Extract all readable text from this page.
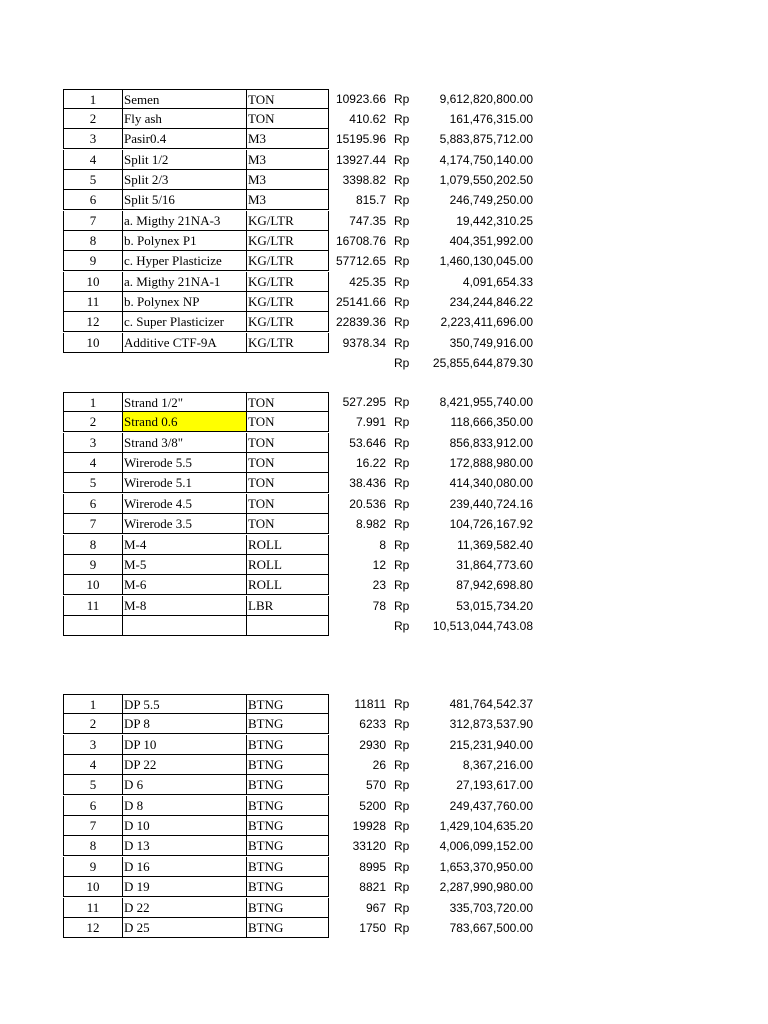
1	Semen	TON	10923.66 Rp	9,612,820,800.00
2	Fly ash	TON	410.62 Rp	161,476,315.00
3	Pasir0.4	M3	15195.96 Rp	5,883,875,712.00
4	Split 1/2	M3	13927.44 Rp	4,174,750,140.00
5	Split 2/3	M3	3398.82 Rp	1,079,550,202.50
6	Split 5/16	M3	815.7 Rp	246,749,250.00
7	a. Migthy 21NA-3	KG/LTR	747.35 Rp	19,442,310.25
8	b. Polynex P1	KG/LTR	16708.76 Rp	404,351,992.00
9	c. Hyper Plasticize	KG/LTR	57712.65 Rp	1,460,130,045.00
10	a. Migthy 21NA-1	KG/LTR	425.35 Rp	4,091,654.33
11	b. Polynex NP	KG/LTR	25141.66 Rp	234,244,846.22
12	c. Super Plasticizer	KG/LTR	22839.36 Rp	2,223,411,696.00
10	Additive CTF-9A	KG/LTR	9378.34 Rp	350,749,916.00
Rp	25,855,644,879.30
1	Strand 1/2"	TON	527.295 Rp	8,421,955,740.00
2	Strand 0.6	TON	7.991 Rp	118,666,350.00
3	Strand 3/8"	TON	53.646 Rp	856,833,912.00
4	Wirerode 5.5	TON	16.22 Rp	172,888,980.00
5	Wirerode 5.1	TON	38.436 Rp	414,340,080.00
6	Wirerode 4.5	TON	20.536 Rp	239,440,724.16
7	Wirerode 3.5	TON	8.982 Rp	104,726,167.92
8	M-4	ROLL	8 Rp	11,369,582.40
9	M-5	ROLL	12 Rp	31,864,773.60
10	M-6	ROLL	23 Rp	87,942,698.80
11	M-8	LBR	78 Rp	53,015,734.20
Rp	10,513,044,743.08
1	DP 5.5	BTNG	11811 Rp	481,764,542.37
2	DP 8	BTNG	6233 Rp	312,873,537.90
3	DP 10	BTNG	2930 Rp	215,231,940.00
4	DP 22	BTNG	26 Rp	8,367,216.00
5	D 6	BTNG	570 Rp	27,193,617.00
6	D 8	BTNG	5200 Rp	249,437,760.00
7	D 10	BTNG	19928 Rp	1,429,104,635.20
8	D 13	BTNG	33120 Rp	4,006,099,152.00
9	D 16	BTNG	8995 Rp	1,653,370,950.00
10	D 19	BTNG	8821 Rp	2,287,990,980.00
11	D 22	BTNG	967 Rp	335,703,720.00
12	D 25	BTNG	1750 Rp	783,667,500.00
